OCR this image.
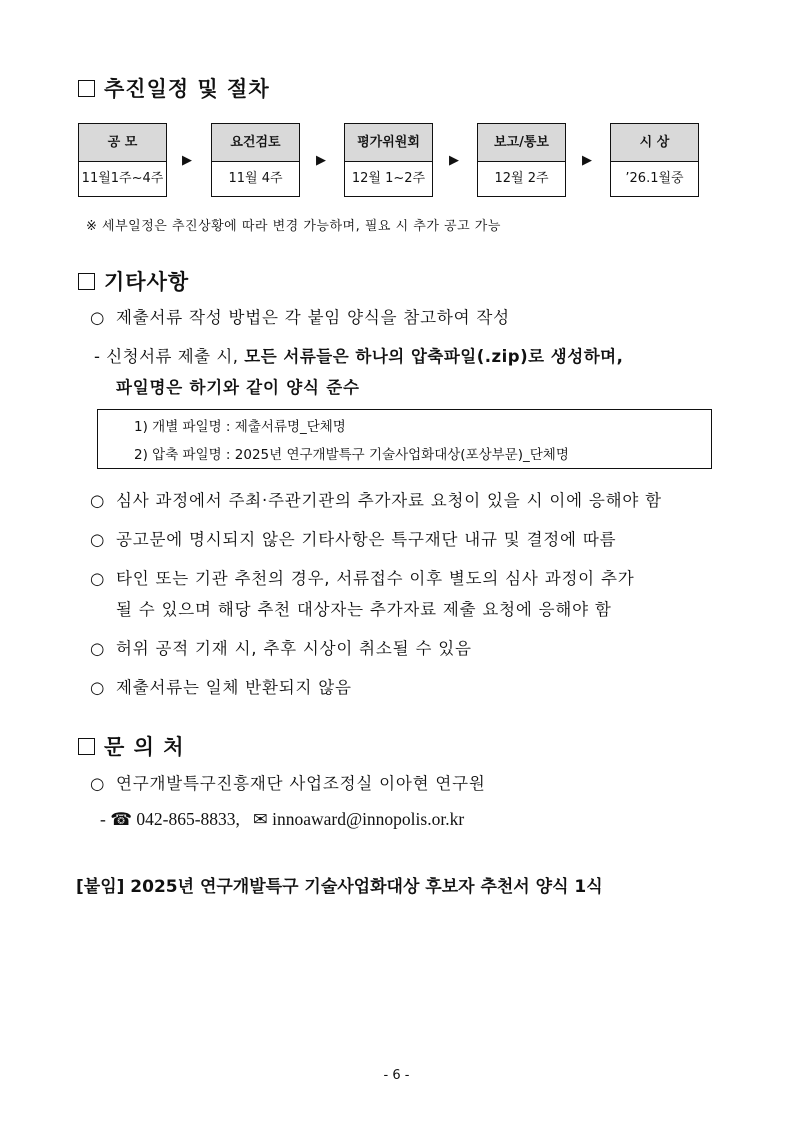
추진일정 및 절차
공 모
11월1주~4주
▶
요건검토
11월 4주
▶
평가위원회
12월 1~2주
▶
보고/통보
12월 2주
▶
시 상
’26.1월중
※ 세부일정은 추진상황에 따라 변경 가능하며, 필요 시 추가 공고 가능
기타사항
○ 제출서류 작성 방법은 각 붙임 양식을 참고하여 작성
- 신청서류 제출 시, 모든 서류들은 하나의 압축파일(.zip)로 생성하며,
파일명은 하기와 같이 양식 준수
1) 개별 파일명 : 제출서류명_단체명
2) 압축 파일명 : 2025년 연구개발특구 기술사업화대상(포상부문)_단체명
○ 심사 과정에서 주최·주관기관의 추가자료 요청이 있을 시 이에 응해야 함
○ 공고문에 명시되지 않은 기타사항은 특구재단 내규 및 결정에 따름
○ 타인 또는 기관 추천의 경우, 서류접수 이후 별도의 심사 과정이 추가
될 수 있으며 해당 추천 대상자는 추가자료 제출 요청에 응해야 함
○ 허위 공적 기재 시, 추후 시상이 취소될 수 있음
○ 제출서류는 일체 반환되지 않음
문 의 처
○ 연구개발특구진흥재단 사업조정실 이아현 연구원
- ☎ 042-865-8833, ✉ innoaward@innopolis.or.kr
[붙임] 2025년 연구개발특구 기술사업화대상 후보자 추천서 양식 1식
- 6 -
